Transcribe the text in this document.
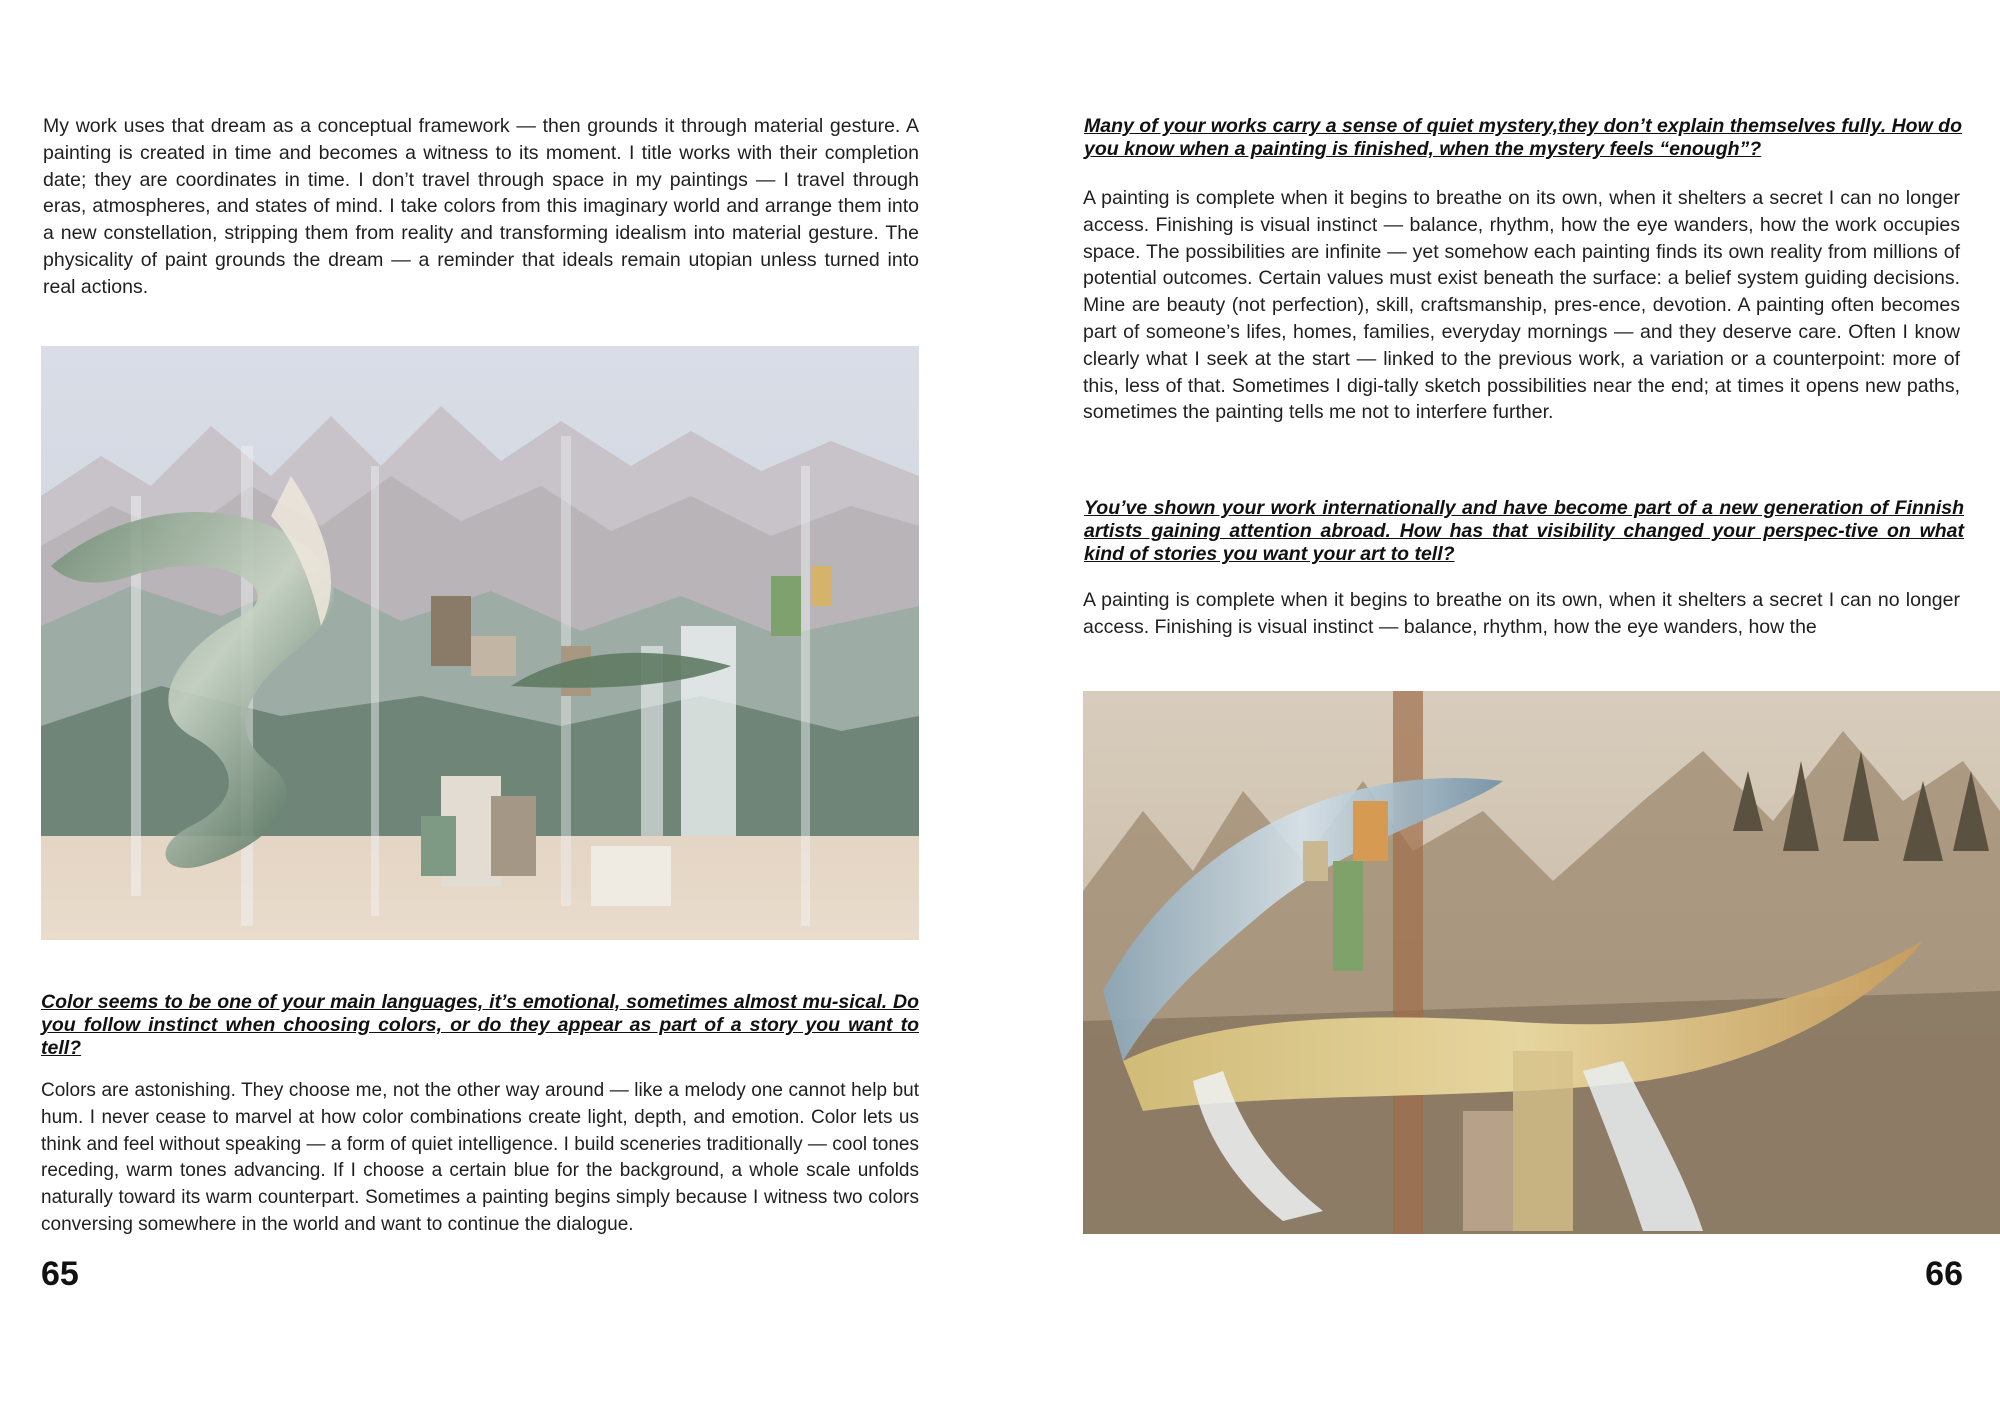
My work uses that dream as a conceptual framework — then grounds it through material gesture. A painting is created in time and becomes a witness to its moment. I title works with their completion date; they are coordinates in time. I don’t travel through space in my paintings — I travel through eras, atmospheres, and states of mind. I take colors from this imaginary world and arrange them into a new constellation, stripping them from reality and transforming idealism into material gesture. The physicality of paint grounds the dream — a reminder that ideals remain utopian unless turned into real actions.

Color seems to be one of your main languages, it’s emotional, sometimes almost mu-sical. Do you follow instinct when choosing colors, or do they appear as part of a story you want to tell?

Colors are astonishing. They choose me, not the other way around — like a melody one cannot help but hum. I never cease to marvel at how color combinations create light, depth, and emotion. Color lets us think and feel without speaking — a form of quiet intelligence. I build sceneries traditionally — cool tones receding, warm tones advancing. If I choose a certain blue for the background, a whole scale unfolds naturally toward its warm counterpart. Sometimes a painting begins simply because I witness two colors conversing somewhere in the world and want to continue the dialogue.

65

Many of your works carry a sense of quiet mystery,they don’t explain themselves fully. How do you know when a painting is finished, when the mystery feels “enough”?

A painting is complete when it begins to breathe on its own, when it shelters a secret I can no longer access. Finishing is visual instinct — balance, rhythm, how the eye wanders, how the work occupies space. The possibilities are infinite — yet somehow each painting finds its own reality from millions of potential outcomes. Certain values must exist beneath the surface: a belief system guiding decisions. Mine are beauty (not perfection), skill, craftsmanship, pres-ence, devotion. A painting often becomes part of someone’s lifes, homes, families, everyday mornings — and they deserve care. Often I know clearly what I seek at the start — linked to the previous work, a variation or a counterpoint: more of this, less of that. Sometimes I digi-tally sketch possibilities near the end; at times it opens new paths, sometimes the painting tells me not to interfere further.

You’ve shown your work internationally and have become part of a new generation of Finnish artists gaining attention abroad. How has that visibility changed your perspec-tive on what kind of stories you want your art to tell?

A painting is complete when it begins to breathe on its own, when it shelters a secret I can no longer access. Finishing is visual instinct — balance, rhythm, how the eye wanders, how the

66
